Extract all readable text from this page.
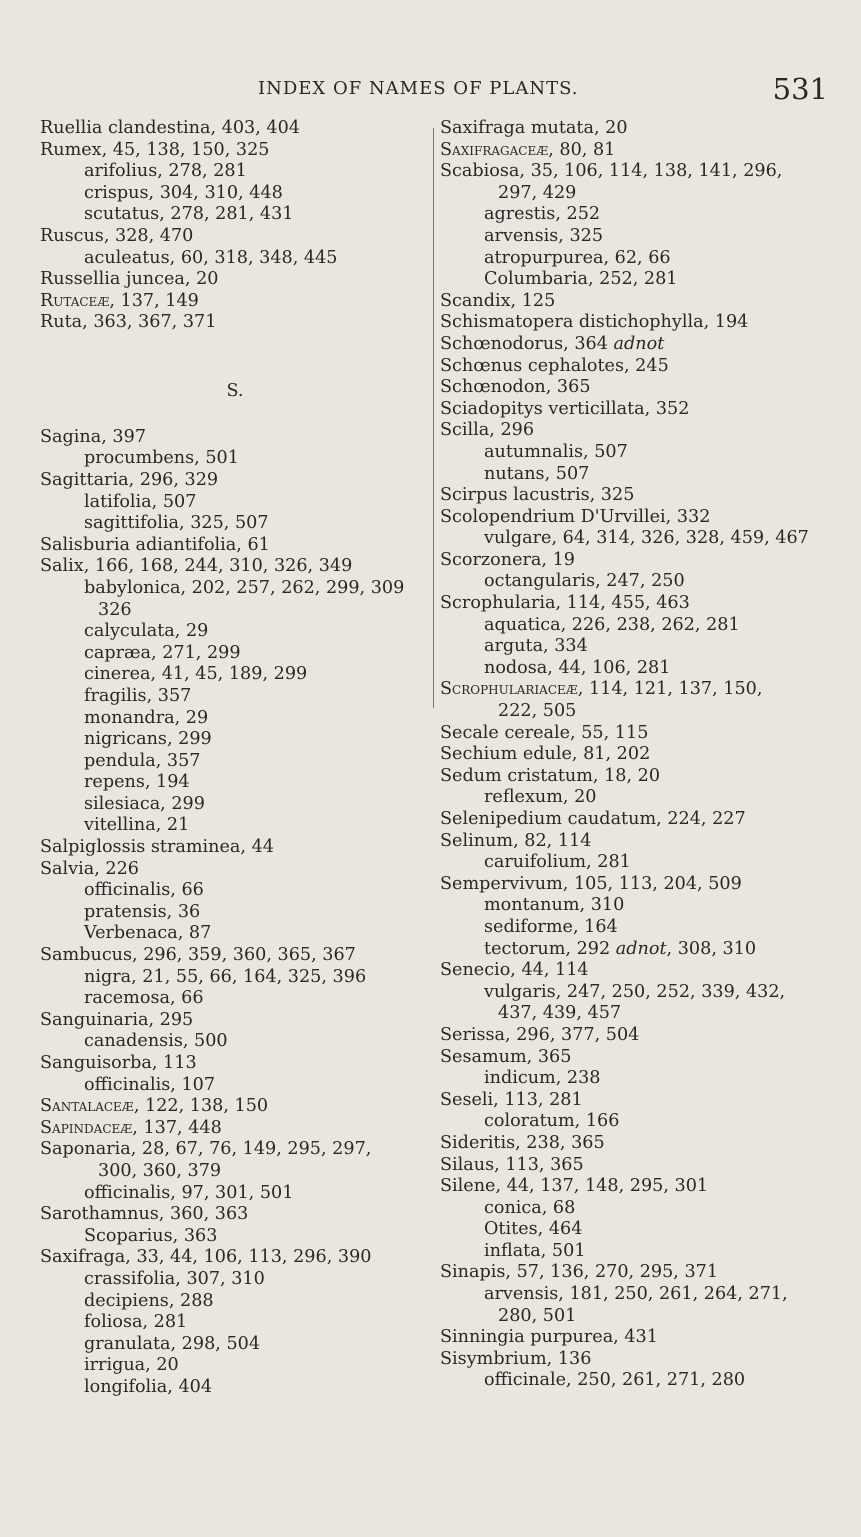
INDEX OF NAMES OF PLANTS.	531
Ruellia clandestina, 403, 404
Rumex, 45, 138, 150, 325
arifolius, 278, 281
crispus, 304, 310, 448
scutatus, 278, 281, 431
Ruscus, 328, 470
aculeatus, 60, 318, 348, 445
Russellia juncea, 20
Rutaceæ, 137, 149
Ruta, 363, 367, 371
S.
Sagina, 397
procumbens, 501
Sagittaria, 296, 329
latifolia, 507
sagittifolia, 325, 507
Salisburia adiantifolia, 61
Salix, 166, 168, 244, 310, 326, 349
babylonica, 202, 257, 262, 299, 309
326
calyculata, 29
capræa, 271, 299
cinerea, 41, 45, 189, 299
fragilis, 357
monandra, 29
nigricans, 299
pendula, 357
repens, 194
silesiaca, 299
vitellina, 21
Salpiglossis straminea, 44
Salvia, 226
officinalis, 66
pratensis, 36
Verbenaca, 87
Sambucus, 296, 359, 360, 365, 367
nigra, 21, 55, 66, 164, 325, 396
racemosa, 66
Sanguinaria, 295
canadensis, 500
Sanguisorba, 113
officinalis, 107
Santalaceæ, 122, 138, 150
Sapindaceæ, 137, 448
Saponaria, 28, 67, 76, 149, 295, 297,
300, 360, 379
officinalis, 97, 301, 501
Sarothamnus, 360, 363
Scoparius, 363
Saxifraga, 33, 44, 106, 113, 296, 390
crassifolia, 307, 310
decipiens, 288
foliosa, 281
granulata, 298, 504
irrigua, 20
longifolia, 404
Saxifraga mutata, 20
Saxifragaceæ, 80, 81
Scabiosa, 35, 106, 114, 138, 141, 296,
297, 429
agrestis, 252
arvensis, 325
atropurpurea, 62, 66
Columbaria, 252, 281
Scandix, 125
Schismatopera distichophylla, 194
Schœnodorus, 364 adnot
Schœnus cephalotes, 245
Schœnodon, 365
Sciadopitys verticillata, 352
Scilla, 296
autumnalis, 507
nutans, 507
Scirpus lacustris, 325
Scolopendrium D'Urvillei, 332
vulgare, 64, 314, 326, 328, 459, 467
Scorzonera, 19
octangularis, 247, 250
Scrophularia, 114, 455, 463
aquatica, 226, 238, 262, 281
arguta, 334
nodosa, 44, 106, 281
Scrophulariaceæ, 114, 121, 137, 150,
222, 505
Secale cereale, 55, 115
Sechium edule, 81, 202
Sedum cristatum, 18, 20
reflexum, 20
Selenipedium caudatum, 224, 227
Selinum, 82, 114
caruifolium, 281
Sempervivum, 105, 113, 204, 509
montanum, 310
sediforme, 164
tectorum, 292 adnot, 308, 310
Senecio, 44, 114
vulgaris, 247, 250, 252, 339, 432,
437, 439, 457
Serissa, 296, 377, 504
Sesamum, 365
indicum, 238
Seseli, 113, 281
coloratum, 166
Sideritis, 238, 365
Silaus, 113, 365
Silene, 44, 137, 148, 295, 301
conica, 68
Otites, 464
inflata, 501
Sinapis, 57, 136, 270, 295, 371
arvensis, 181, 250, 261, 264, 271,
280, 501
Sinningia purpurea, 431
Sisymbrium, 136
officinale, 250, 261, 271, 280
